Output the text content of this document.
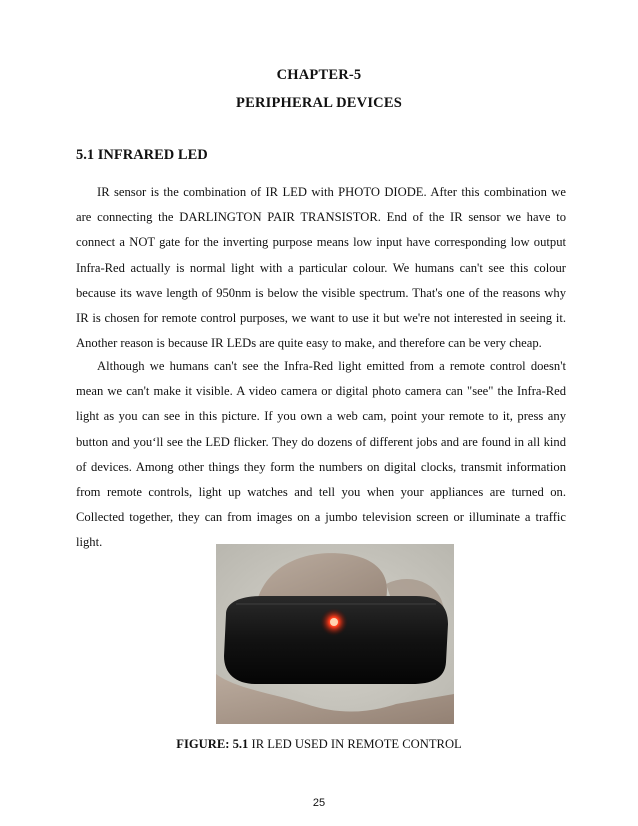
CHAPTER-5
PERIPHERAL DEVICES
5.1 INFRARED LED

IR sensor is the combination of IR LED with PHOTO DIODE. After this combination we are connecting the DARLINGTON PAIR TRANSISTOR. End of the IR sensor we have to connect a NOT gate for the inverting purpose means low input have corresponding low output Infra-Red actually is normal light with a particular colour. We humans can't see this colour because its wave length of 950nm is below the visible spectrum. That's one of the reasons why IR is chosen for remote control purposes, we want to use it but we're not interested in seeing it. Another reason is because IR LEDs are quite easy to make, and therefore can be very cheap.

Although we humans can't see the Infra-Red light emitted from a remote control doesn't mean we can't make it visible. A video camera or digital photo camera can "see" the Infra-Red light as you can see in this picture. If you own a web cam, point your remote to it, press any button and you‘ll see the LED flicker. They do dozens of different jobs and are found in all kind of devices. Among other things they form the numbers on digital clocks, transmit information from remote controls, light up watches and tell you when your appliances are turned on. Collected together, they can from images on a jumbo television screen or illuminate a traffic light.

FIGURE: 5.1 IR LED USED IN REMOTE CONTROL
25
